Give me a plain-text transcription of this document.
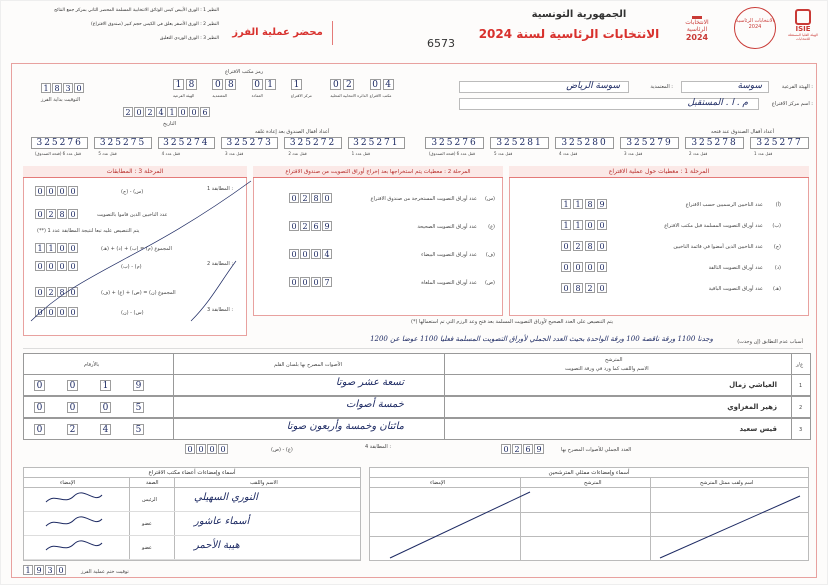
الانتخابات الرئاسية 2024	ISIE
الهيئة العليا المستقلة للانتخابات
الانتخابات
الرئاسية
2024
الجمهورية التونسية
الانتخابات الرئاسية لسنة 2024
6573
محضر عملية الفرز
النظير 1 : الورق الأبيض كيس الوثائق الانتخابية المسلمة المحضر الثاني بمركز جمع النتائج
النظير 2 : الورق الأصفر يعلق في الكيس حجم كبير (صندوق الاقتراع)
النظير 3 : الورق الوردي التعليق
1 8 3 0
التوقيت بداية الفرز
رمز مكتب الاقتراع
1 8
الهيئة الفرعية
0 8
المعتمدية
0 1
العمادة
1
مركز الاقتراع
0 2
الدائرة الانتخابية المحلية
0 4
مكتب الاقتراع
2 0 2 4 1 0 0 6
التاريخ
الهيئة الفرعية :
سوسة
المعتمدية :
سوسة الرياض
اسم مركز الاقتراع :
م . ا . المستقبل
أعداد أقفال الصندوق عند فتحه
325277
قفل عدد 1
325278
قفل عدد 2
325279
قفل عدد 3
325280
قفل عدد 4
325281
قفل عدد 5
325276
قفل عدد 6 (فتحة الصندوق)
أعداد أقفال الصندوق بعد إعادة غلقه
325271
قفل عدد 1
325272
قفل عدد 2
325273
قفل عدد 3
325274
قفل عدد 4
325275
قفل عدد 5
325276
قفل عدد 6 (فتحة الصندوق)
المرحلة 3 : المطابقات
0 0 0 0	(ج) - (س)	المطابقة 1 :
0 2 8 0	عدد الناخبين الذين قاموا بالتصويت
(**) يتم التنصيص عليه تبعا لنتيجة المطابقة عدد 1
1 1 0 0	المجموع (م) = (ب) + (د) + (هـ)
0 0 0 0	(ب) - (م)	المطابقة 2 :
0 2 8 0	المجموع (ن) = (ص) + (ع) + (ف)
0 0 0 0	(ن) - (س)	المطابقة 3 :
المرحلة 2 : معطيات يتم استخراجها بعد إخراج أوراق التصويت من صندوق الاقتراع
0 2 8 0	عدد أوراق التصويت المستخرجة من صندوق الاقتراع (س)
0 2 6 9	عدد أوراق التصويت الصحيحة (ع)
0 0 0 4	عدد أوراق التصويت البيضاء (ف)
0 0 0 7	عدد أوراق التصويت الملغاة (ص)
المرحلة 1 : معطيات حول عملية الاقتراع
1 1 8 9	عدد الناخبين الرسميين حسب الاقتراع	(أ)
1 1 0 0	عدد أوراق التصويت المسلمة قبل مكتب الاقتراع (ب)
0 2 8 0	عدد الناخبين الذين أمضوا في قائمة الناخبين (ج)
0 0 0 0	عدد أوراق التصويت التالفة (د)
0 8 2 0	عدد أوراق التصويت الباقية (هـ)
(*) يتم التنصيص على العدد الصحيح لأوراق التصويت المسلمة بعد فتح وعد الرزم التي تم استعمالها
أسباب عدم التطابق (إن وجدت)
وجدنا 1100 ورقة ناقصة 100 ورقة الواحدة بحيث العدد الجملي لأوراق التصويت المسلمة فعليا 1100 عوضا عن 1200
ع/ر
المترشح
الاسم واللقب كما ورد في ورقة التصويت
الأصوات المصرح بها بلسان القلم
بالأرقام
1
العياشي زمال
تسعة عشر صوتا
0	0	1	9
2
زهير المغزاوي
خمسة أصوات
0	0	0	5
3
قيس سعيد
مائتان وخمسة وأربعون صوتا
0	2	4	5
0 0 0 0	(ص) - (ع)	المطابقة 4 :	0 2 6 9	العدد الجملي للأصوات المصرح بها
أسماء وإمضاءات أعضاء مكتب الاقتراع
الإمضاء	الصفة	الاسم واللقب
النوري السهيلي
الرئيس
أسماء عاشور
عضو
هيبة الأحمر
عضو
أسماء وإمضاءات ممثلي المترشحين
الإمضاء	المترشح	اسم ولقب ممثل المترشح
1 9 3 0	توقيت ختم عملية الفرز
